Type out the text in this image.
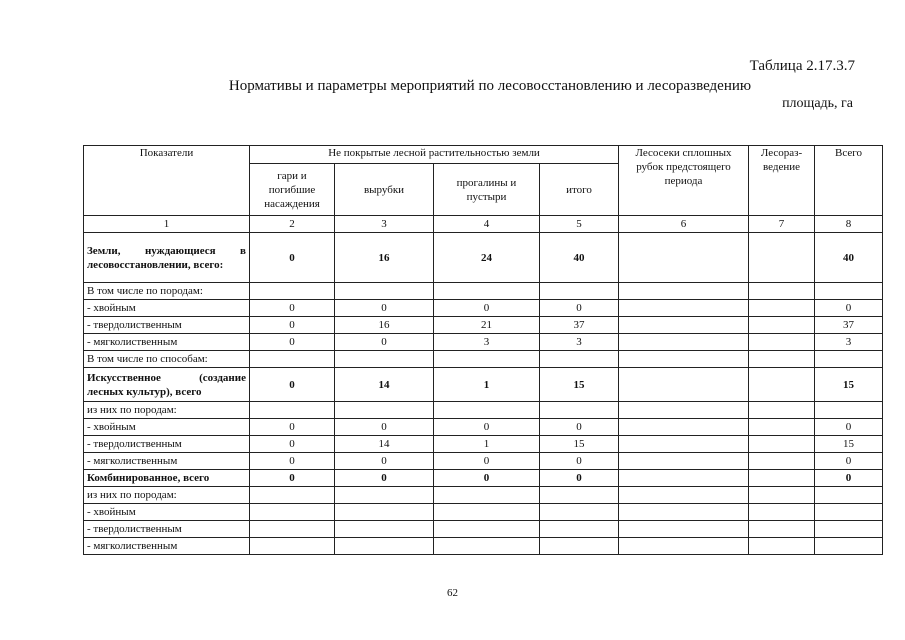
Таблица 2.17.3.7
Нормативы и параметры мероприятий по лесовосстановлению и лесоразведению
площадь, га
Показатели	Не покрытые лесной растительностью земли				Лесосеки сплошных рубок предстоящего периода	Лесораз-ведение	Всего
	гари и погибшие насаждения	вырубки	прогалины и пустыри	итого			
1	2	3	4	5	6	7	8
Земли, нуждающиеся в лесовосстановлении, всего:	0	16	24	40			40
В том числе по породам:							
- хвойным	0	0	0	0			0
- твердолиственным	0	16	21	37			37
- мягколиственным	0	0	3	3			3
В том числе по способам:							
Искусственное (создание лесных культур), всего	0	14	1	15			15
из них по породам:							
- хвойным	0	0	0	0			0
- твердолиственным	0	14	1	15			15
- мягколиственным	0	0	0	0			0
Комбинированное, всего	0	0	0	0			0
из них по породам:							
- хвойным							
- твердолиственным							
- мягколиственным							
62
